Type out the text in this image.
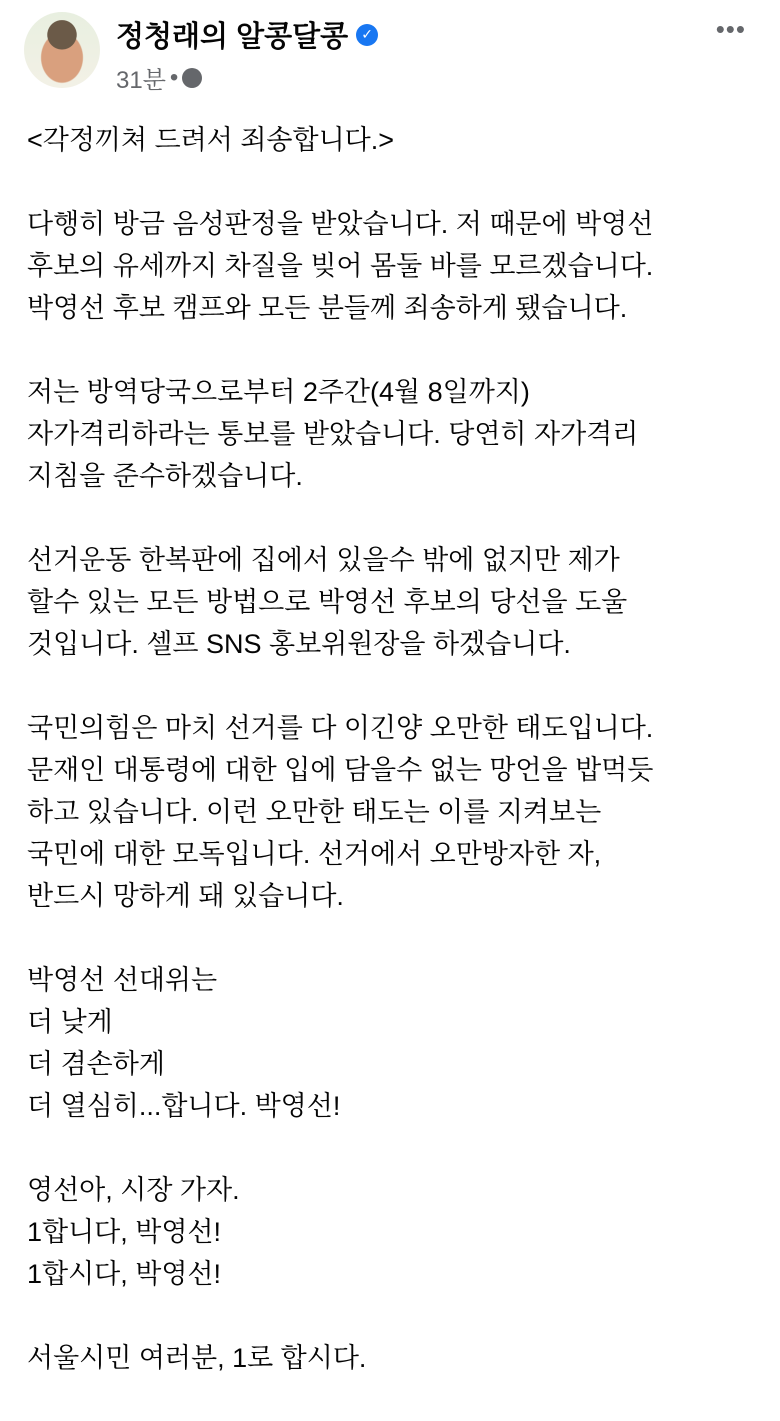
정청래의 알콩달콩 ✓
31분 •
•••

<각정끼쳐 드려서 죄송합니다.>

다행히 방금 음성판정을 받았습니다. 저 때문에 박영선
후보의 유세까지 차질을 빚어 몸둘 바를 모르겠습니다.
박영선 후보 캠프와 모든 분들께 죄송하게 됐습니다.

저는 방역당국으로부터 2주간(4월 8일까지)
자가격리하라는 통보를 받았습니다. 당연히 자가격리
지침을 준수하겠습니다.

선거운동 한복판에 집에서 있을수 밖에 없지만 제가
할수 있는 모든 방법으로 박영선 후보의 당선을 도울
것입니다. 셀프 SNS 홍보위원장을 하겠습니다.

국민의힘은 마치 선거를 다 이긴양 오만한 태도입니다.
문재인 대통령에 대한 입에 담을수 없는 망언을 밥먹듯
하고 있습니다. 이런 오만한 태도는 이를 지켜보는
국민에 대한 모독입니다. 선거에서 오만방자한 자,
반드시 망하게 돼 있습니다.

박영선 선대위는
더 낮게
더 겸손하게
더 열심히...합니다. 박영선!

영선아, 시장 가자.
1합니다, 박영선!
1합시다, 박영선!

서울시민 여러분, 1로 합시다.
